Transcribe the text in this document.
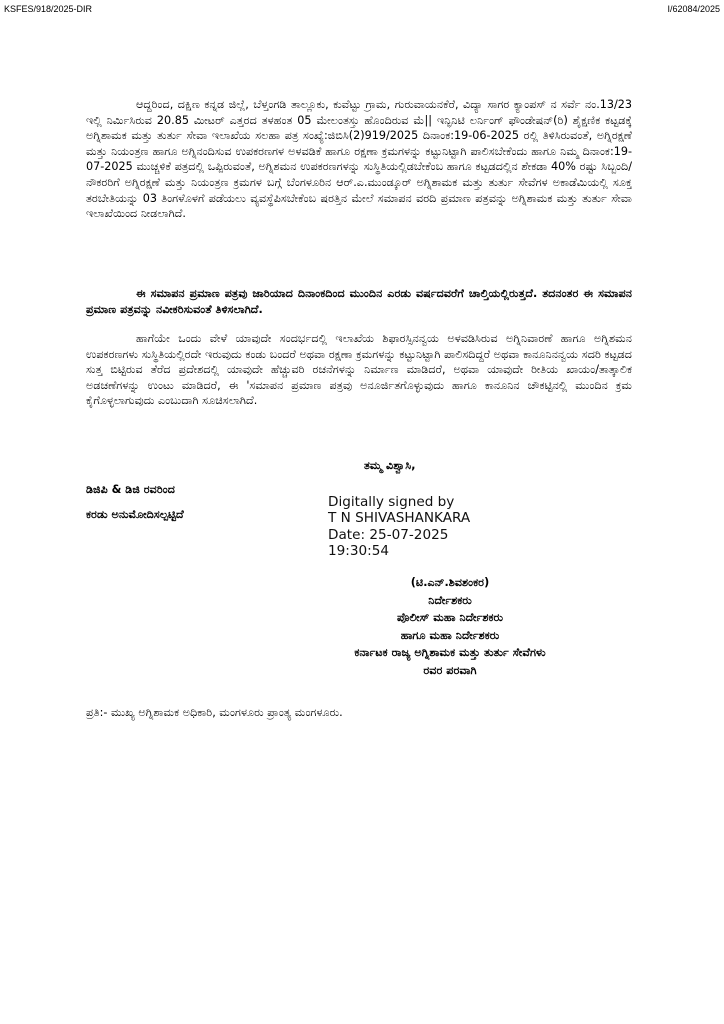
KSFES/918/2025-DIR	I/62084/2025

ಆದ್ದರಿಂದ, ದಕ್ಷಿಣ ಕನ್ನಡ ಜಿಲ್ಲೆ, ಬೆಳ್ತಂಗಡಿ ತಾಲ್ಲೂಕು, ಕುವೆಟ್ಟು ಗ್ರಾಮ, ಗುರುವಾಯನಕೆರೆ, ವಿದ್ಯಾ ಸಾಗರ ಕ್ಯಾಂಪಸ್ ನ ಸರ್ವೆ ನಂ.13/23 ಇಲ್ಲಿ ನಿರ್ಮಿಸಿರುವ 20.85 ಮೀಟರ್ ಎತ್ತರದ ತಳಹಂತ 05 ಮೇಲಂತಸ್ತು ಹೊಂದಿರುವ ಮೆ|| ಇನ್ಫಿನಿಟಿ ಲರ್ನಿಂಗ್ ಫೌಂಡೇಷನ್(ರಿ) ಶೈಕ್ಷಣಿಕ ಕಟ್ಟಡಕ್ಕೆ ಅಗ್ನಿಶಾಮಕ ಮತ್ತು ತುರ್ತು ಸೇವಾ ಇಲಾಖೆಯ ಸಲಹಾ ಪತ್ರ ಸಂಖ್ಯೆ:ಜಿಬಿಸಿ(2)919/2025 ದಿನಾಂಕ:19-06-2025 ರಲ್ಲಿ ತಿಳಿಸಿರುವಂತೆ, ಅಗ್ನಿರಕ್ಷಣೆ ಮತ್ತು ನಿಯಂತ್ರಣ ಹಾಗೂ ಅಗ್ನಿನಂದಿಸುವ ಉಪಕರಣಗಳ ಅಳವಡಿಕೆ ಹಾಗೂ ರಕ್ಷಣಾ ಕ್ರಮಗಳನ್ನು ಕಟ್ಟುನಿಟ್ಟಾಗಿ ಪಾಲಿಸಬೇಕೆಂದು ಹಾಗೂ ನಿಮ್ಮ ದಿನಾಂಕ:19-07-2025 ಮುಚ್ಚಳಿಕೆ ಪತ್ರದಲ್ಲಿ ಒಪ್ಪಿರುವಂತೆ, ಅಗ್ನಿಶಮನ ಉಪಕರಣಗಳನ್ನು ಸುಸ್ಥಿತಿಯಲ್ಲಿಡಬೇಕೆಂಬ ಹಾಗೂ ಕಟ್ಟಡದಲ್ಲಿನ ಶೇಕಡಾ 40% ರಷ್ಟು ಸಿಬ್ಬಂದಿ/ನೌಕರರಿಗೆ ಅಗ್ನಿರಕ್ಷಣೆ ಮತ್ತು ನಿಯಂತ್ರಣ ಕ್ರಮಗಳ ಬಗ್ಗೆ ಬೆಂಗಳೂರಿನ ಆರ್.ಎ.ಮುಂಡ್ಕೂರ್ ಅಗ್ನಿಶಾಮಕ ಮತ್ತು ತುರ್ತು ಸೇವೆಗಳ ಅಕಾಡೆಮಿಯಲ್ಲಿ ಸೂಕ್ತ ತರಬೇತಿಯನ್ನು 03 ತಿಂಗಳೊಳಗೆ ಪಡೆಯಲು ವ್ಯವಸ್ಥೆಪಿಸಬೇಕೆಂಬ ಷರತ್ತಿನ ಮೇಲೆ ಸಮಾಪನ ವರದಿ ಪ್ರಮಾಣ ಪತ್ರವನ್ನು ಅಗ್ನಿಶಾಮಕ ಮತ್ತು ತುರ್ತು ಸೇವಾ ಇಲಾಖೆಯಿಂದ ನೀಡಲಾಗಿದೆ.

ಈ ಸಮಾಪನ ಪ್ರಮಾಣ ಪತ್ರವು ಜಾರಿಯಾದ ದಿನಾಂಕದಿಂದ ಮುಂದಿನ ಎರಡು ವರ್ಷದವರೆಗೆ ಚಾಲ್ತಿಯಲ್ಲಿರುತ್ತದೆ. ತದನಂತರ ಈ ಸಮಾಪನ ಪ್ರಮಾಣ ಪತ್ರವನ್ನು ನವೀಕರಿಸುವಂತೆ ತಿಳಿಸಲಾಗಿದೆ.

ಹಾಗೆಯೇ ಒಂದು ವೇಳೆ ಯಾವುದೇ ಸಂದರ್ಭದಲ್ಲಿ ಇಲಾಖೆಯ ಶಿಫಾರಸ್ಸಿನನ್ವಯ ಅಳವಡಿಸಿರುವ ಅಗ್ನಿನಿವಾರಣೆ ಹಾಗೂ ಅಗ್ನಿಶಮನ ಉಪಕರಣಗಳು ಸುಸ್ಥಿತಿಯಲ್ಲಿರದೇ ಇರುವುದು ಕಂಡು ಬಂದರೆ ಅಥವಾ ರಕ್ಷಣಾ ಕ್ರಮಗಳನ್ನು ಕಟ್ಟುನಿಟ್ಟಾಗಿ ಪಾಲಿಸದಿದ್ದರೆ ಅಥವಾ ಕಾನೂನಿನನ್ವಯ ಸದರಿ ಕಟ್ಟಡದ ಸುತ್ತ ಬಿಟ್ಟಿರುವ ತೆರೆದ ಪ್ರದೇಶದಲ್ಲಿ ಯಾವುದೇ ಹೆಚ್ಚುವರಿ ರಚನೆಗಳನ್ನು ನಿರ್ಮಾಣ ಮಾಡಿದರೆ, ಅಥವಾ ಯಾವುದೇ ರೀತಿಯ ಖಾಯಂ/ತಾತ್ಕಾಲಿಕ ಅಡಚಣೆಗಳನ್ನು ಉಂಟು ಮಾಡಿದರೆ, ಈ 'ಸಮಾಪನ ಪ್ರಮಾಣ ಪತ್ರವು ಅನೂರ್ಜಿತಗೊಳ್ಳುವುದು ಹಾಗೂ ಕಾನೂನಿನ ಚೌಕಟ್ಟಿನಲ್ಲಿ ಮುಂದಿನ ಕ್ರಮ ಕೈಗೊಳ್ಳಲಾಗುವುದು ಎಂಬುದಾಗಿ ಸೂಚಿಸಲಾಗಿದೆ.

ತಮ್ಮ ವಿಶ್ವಾಸಿ,
ಡಿಜಿಪಿ & ಡಿಜಿ ರವರಿಂದ
ಕರಡು ಅನುಮೋದಿಸಲ್ಪಟ್ಟಿದೆ
Digitally signed by
T N SHIVASHANKARA
Date: 25-07-2025
19:30:54
(ಟಿ.ಎನ್.ಶಿವಶಂಕರ)
ನಿರ್ದೇಶಕರು
ಪೊಲೀಸ್ ಮಹಾ ನಿರ್ದೇಶಕರು
ಹಾಗೂ ಮಹಾ ನಿರ್ದೇಶಕರು
ಕರ್ನಾಟಕ ರಾಜ್ಯ ಅಗ್ನಿಶಾಮಕ ಮತ್ತು ತುರ್ತು ಸೇವೆಗಳು
ರವರ ಪರವಾಗಿ
ಪ್ರತಿ:- ಮುಖ್ಯ ಅಗ್ನಿಶಾಮಕ ಅಧಿಕಾರಿ, ಮಂಗಳೂರು ಪ್ರಾಂತ್ಯ ಮಂಗಳೂರು.
